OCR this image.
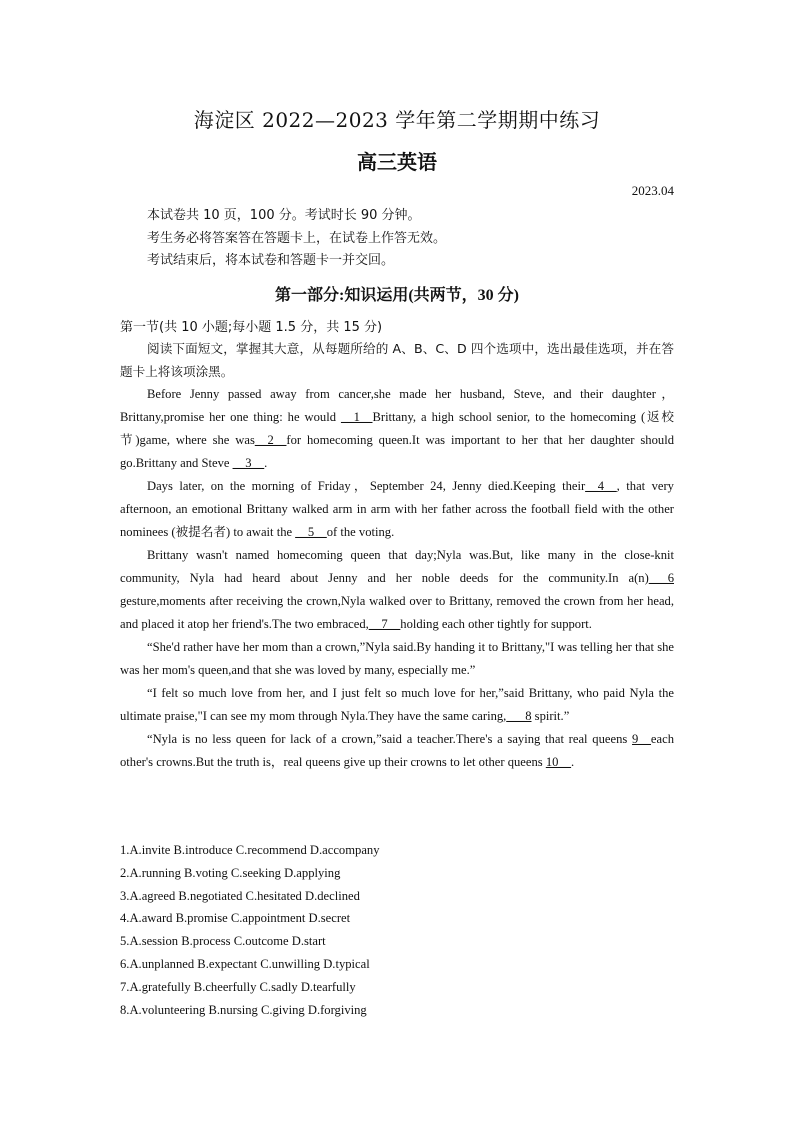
海淀区 2022—2023 学年第二学期期中练习
高三英语
2023.04
本试卷共 10 页，100 分。考试时长 90 分钟。
考生务必将答案答在答题卡上，在试卷上作答无效。
考试结束后，将本试卷和答题卡一并交回。
第一部分:知识运用(共两节，30 分)
第一节(共 10 小题;每小题 1.5 分，共 15 分)

阅读下面短文，掌握其大意，从每题所给的 A、B、C、D 四个选项中，选出最佳选项，并在答题卡上将该项涂黑。

Before Jenny passed away from cancer,she made her husband, Steve, and their daughter，Brittany,promise her one thing: he would __1__Brittany, a high school senior, to the homecoming (返校节)game, where she was__2__for homecoming queen.It was important to her that her daughter should go.Brittany and Steve __3__.

Days later, on the morning of Friday，September 24, Jenny died.Keeping their__4__, that very afternoon, an emotional Brittany walked arm in arm with her father across the football field with the other nominees (被提名者) to await the __5__of the voting.

Brittany wasn't named homecoming queen that day;Nyla was.But, like many in the close-knit community, Nyla had heard about Jenny and her noble deeds for the community.In a(n)___6 gesture,moments after receiving the crown,Nyla walked over to Brittany, removed the crown from her head, and placed it atop her friend's.The two embraced,__7__holding each other tightly for support.

“She'd rather have her mom than a crown,”Nyla said.By handing it to Brittany,"I was telling her that she was her mom's queen,and that she was loved by many, especially me.”

“I felt so much love from her, and I just felt so much love for her,”said Brittany, who paid Nyla the ultimate praise,"I can see my mom through Nyla.They have the same caring,___8 spirit.”

“Nyla is no less queen for lack of a crown,”said a teacher.There's a saying that real queens 9__each other's crowns.But the truth is，real queens give up their crowns to let other queens 10__.

1.A.invite B.introduce C.recommend D.accompany
2.A.running B.voting C.seeking D.applying
3.A.agreed B.negotiated C.hesitated D.declined
4.A.award B.promise C.appointment D.secret
5.A.session B.process C.outcome D.start
6.A.unplanned B.expectant C.unwilling D.typical
7.A.gratefully B.cheerfully C.sadly D.tearfully
8.A.volunteering B.nursing C.giving D.forgiving
